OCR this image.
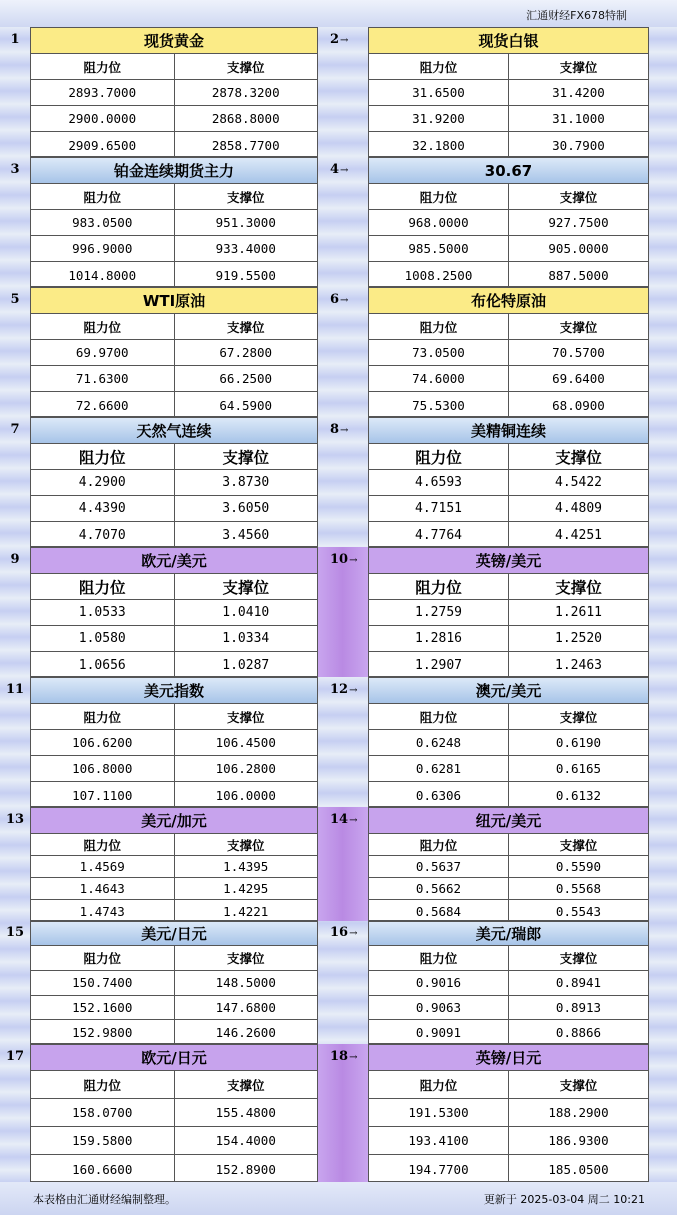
汇通财经FX678特制
现货黄金
阻力位	支撑位
2893.7000	2878.3200
2900.0000	2868.8000
2909.6500	2858.7700
现货白银
阻力位	支撑位
31.6500	31.4200
31.9200	31.1000
32.1800	30.7900
1	2→
铂金连续期货主力
阻力位	支撑位
983.0500	951.3000
996.9000	933.4000
1014.8000	919.5500
30.67
阻力位	支撑位
968.0000	927.7500
985.5000	905.0000
1008.2500	887.5000
3	4→
WTI原油
阻力位	支撑位
69.9700	67.2800
71.6300	66.2500
72.6600	64.5900
布伦特原油
阻力位	支撑位
73.0500	70.5700
74.6000	69.6400
75.5300	68.0900
5	6→
天然气连续
阻力位	支撑位
4.2900	3.8730
4.4390	3.6050
4.7070	3.4560
美精铜连续
阻力位	支撑位
4.6593	4.5422
4.7151	4.4809
4.7764	4.4251
7	8→
欧元/美元
阻力位	支撑位
1.0533	1.0410
1.0580	1.0334
1.0656	1.0287
英镑/美元
阻力位	支撑位
1.2759	1.2611
1.2816	1.2520
1.2907	1.2463
9	10→
美元指数
阻力位	支撑位
106.6200	106.4500
106.8000	106.2800
107.1100	106.0000
澳元/美元
阻力位	支撑位
0.6248	0.6190
0.6281	0.6165
0.6306	0.6132
11	12→
美元/加元
阻力位	支撑位
1.4569	1.4395
1.4643	1.4295
1.4743	1.4221
纽元/美元
阻力位	支撑位
0.5637	0.5590
0.5662	0.5568
0.5684	0.5543
13	14→
美元/日元
阻力位	支撑位
150.7400	148.5000
152.1600	147.6800
152.9800	146.2600
美元/瑞郎
阻力位	支撑位
0.9016	0.8941
0.9063	0.8913
0.9091	0.8866
15	16→
欧元/日元
阻力位	支撑位
158.0700	155.4800
159.5800	154.4000
160.6600	152.8900
英镑/日元
阻力位	支撑位
191.5300	188.2900
193.4100	186.9300
194.7700	185.0500
17	18→
本表格由汇通财经编制整理。	更新于 2025-03-04 周二 10:21
